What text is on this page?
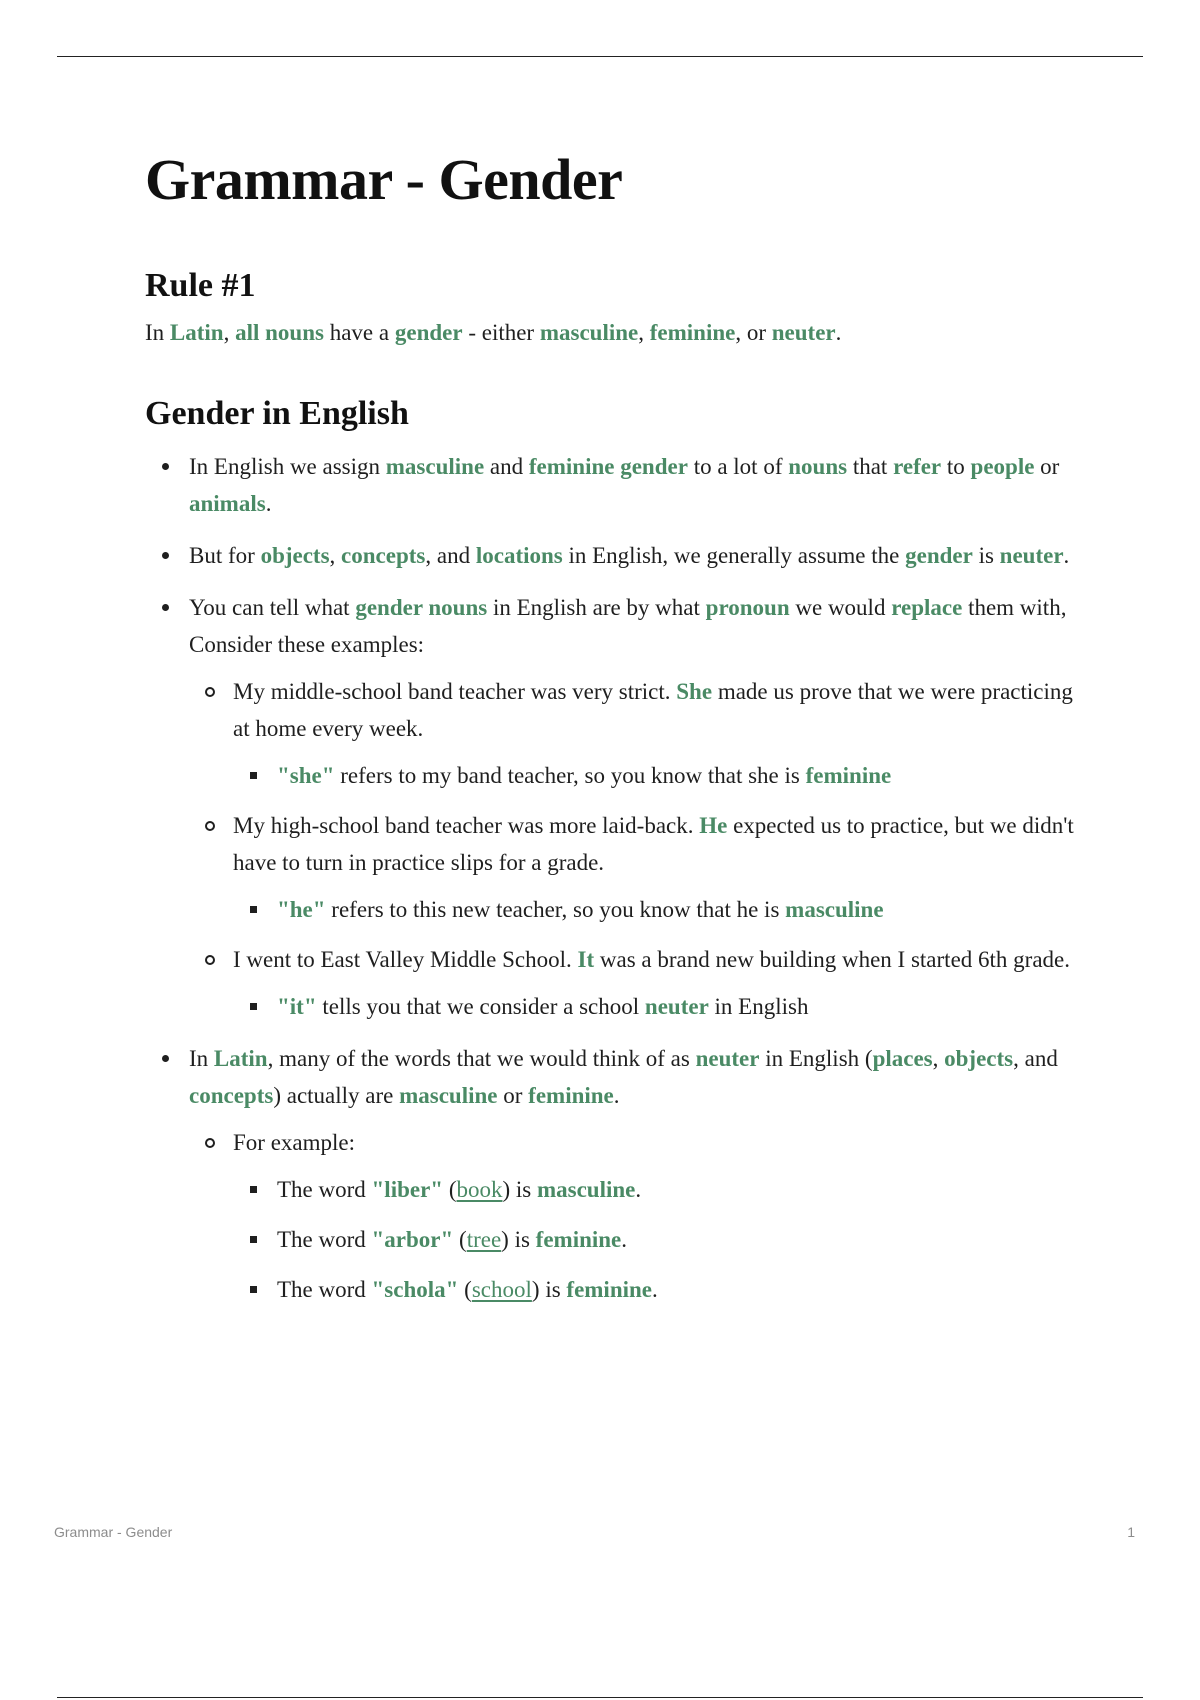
Grammar - Gender
Rule #1

In Latin, all nouns have a gender - either masculine, feminine, or neuter.

Gender in English
In English we assign masculine and feminine gender to a lot of nouns that refer to people or animals.
But for objects, concepts, and locations in English, we generally assume the gender is neuter.
You can tell what gender nouns in English are by what pronoun we would replace them with, Consider these examples:
My middle-school band teacher was very strict. She made us prove that we were practicing at home every week.
"she" refers to my band teacher, so you know that she is feminine
My high-school band teacher was more laid-back. He expected us to practice, but we didn't have to turn in practice slips for a grade.
"he" refers to this new teacher, so you know that he is masculine
I went to East Valley Middle School. It was a brand new building when I started 6th grade.
"it" tells you that we consider a school neuter in English
In Latin, many of the words that we would think of as neuter in English (places, objects, and concepts) actually are masculine or feminine.
For example:
The word "liber" (book) is masculine.
The word "arbor" (tree) is feminine.
The word "schola" (school) is feminine.
Grammar - Gender	1
